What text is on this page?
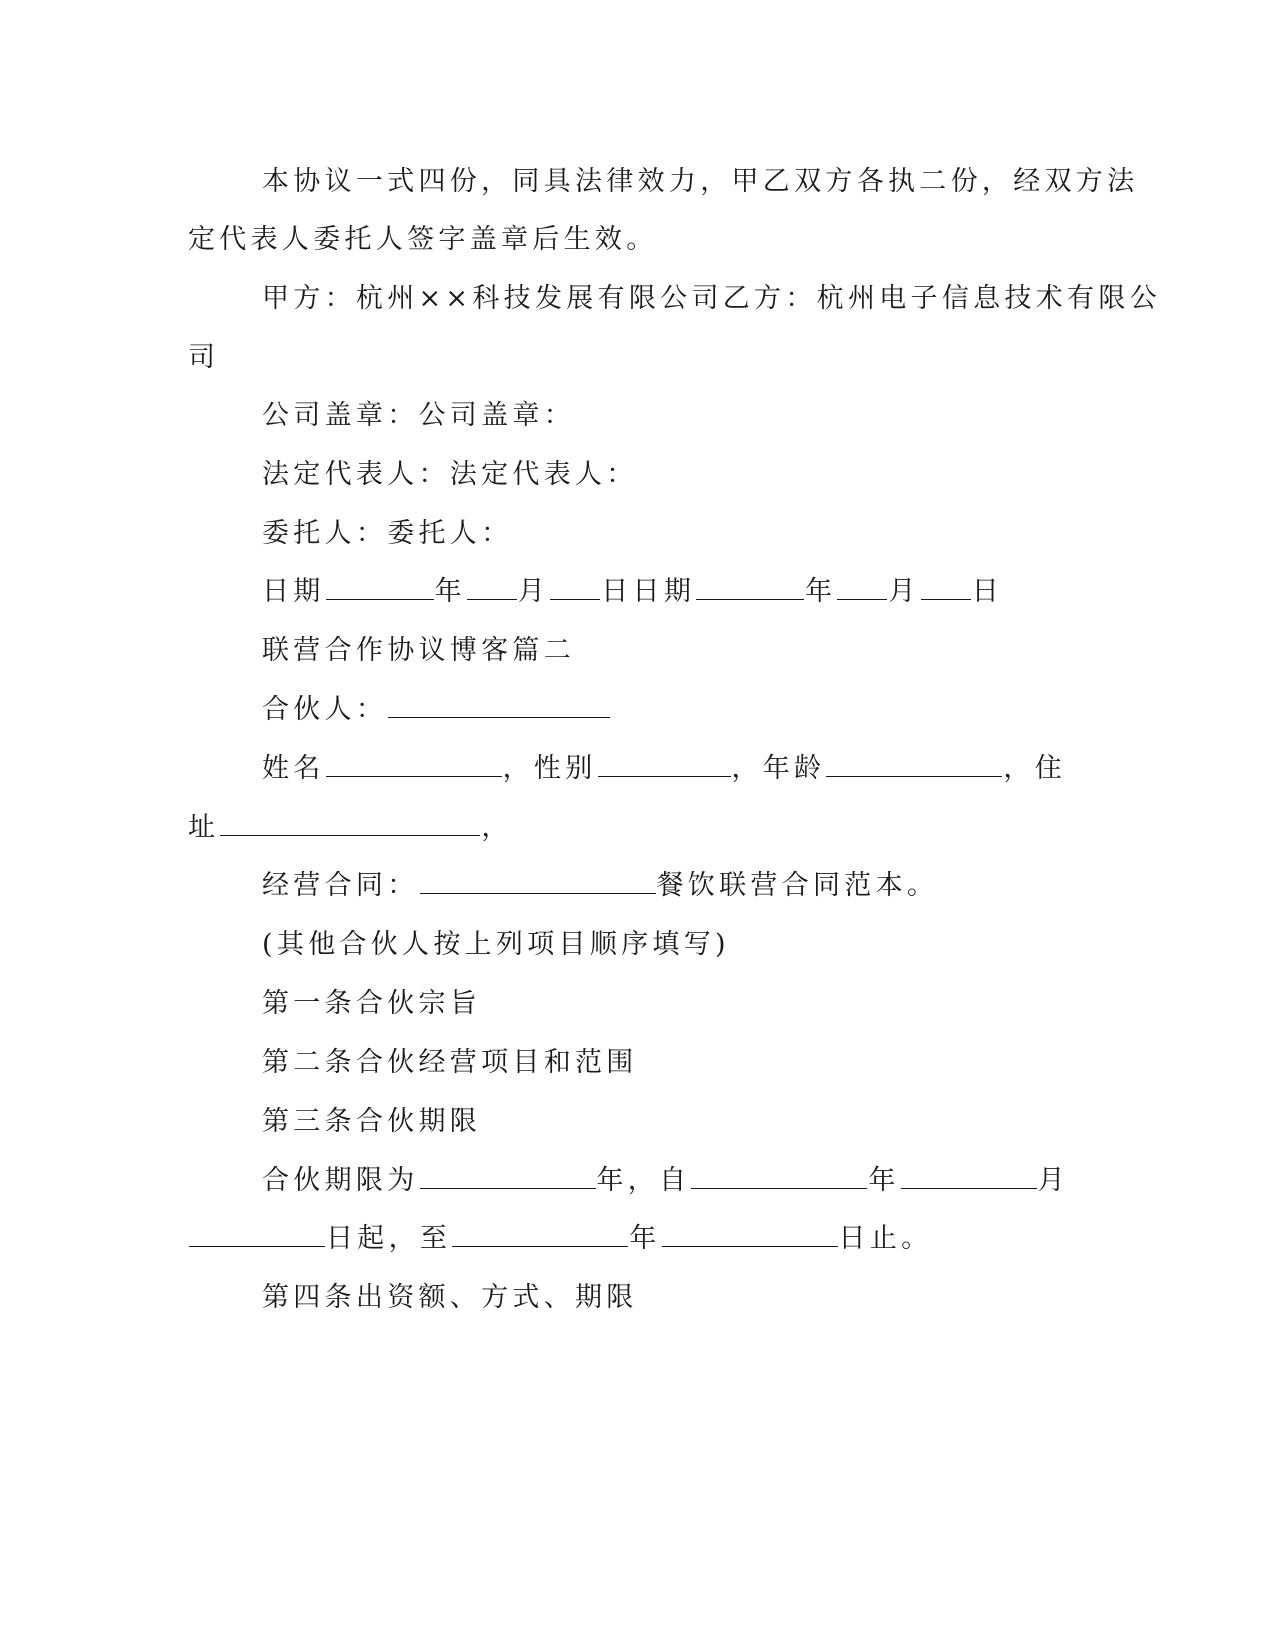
本协议一式四份，同具法律效力，甲乙双方各执二份，经双方法
定代表人委托人签字盖章后生效。
甲方：杭州××科技发展有限公司乙方：杭州电子信息技术有限公
司
公司盖章：公司盖章：
法定代表人：法定代表人：
委托人：委托人：
日期	年 月 日日期	年 月 日
联营合作协议博客篇二
合伙人：
姓名	，性别	，年龄	，住
址	，
经营合同：	餐饮联营合同范本。
(其他合伙人按上列项目顺序填写)
第一条合伙宗旨
第二条合伙经营项目和范围
第三条合伙期限
合伙期限为	年，自	年	月
日起，至	年	日止。
第四条出资额、方式、期限
